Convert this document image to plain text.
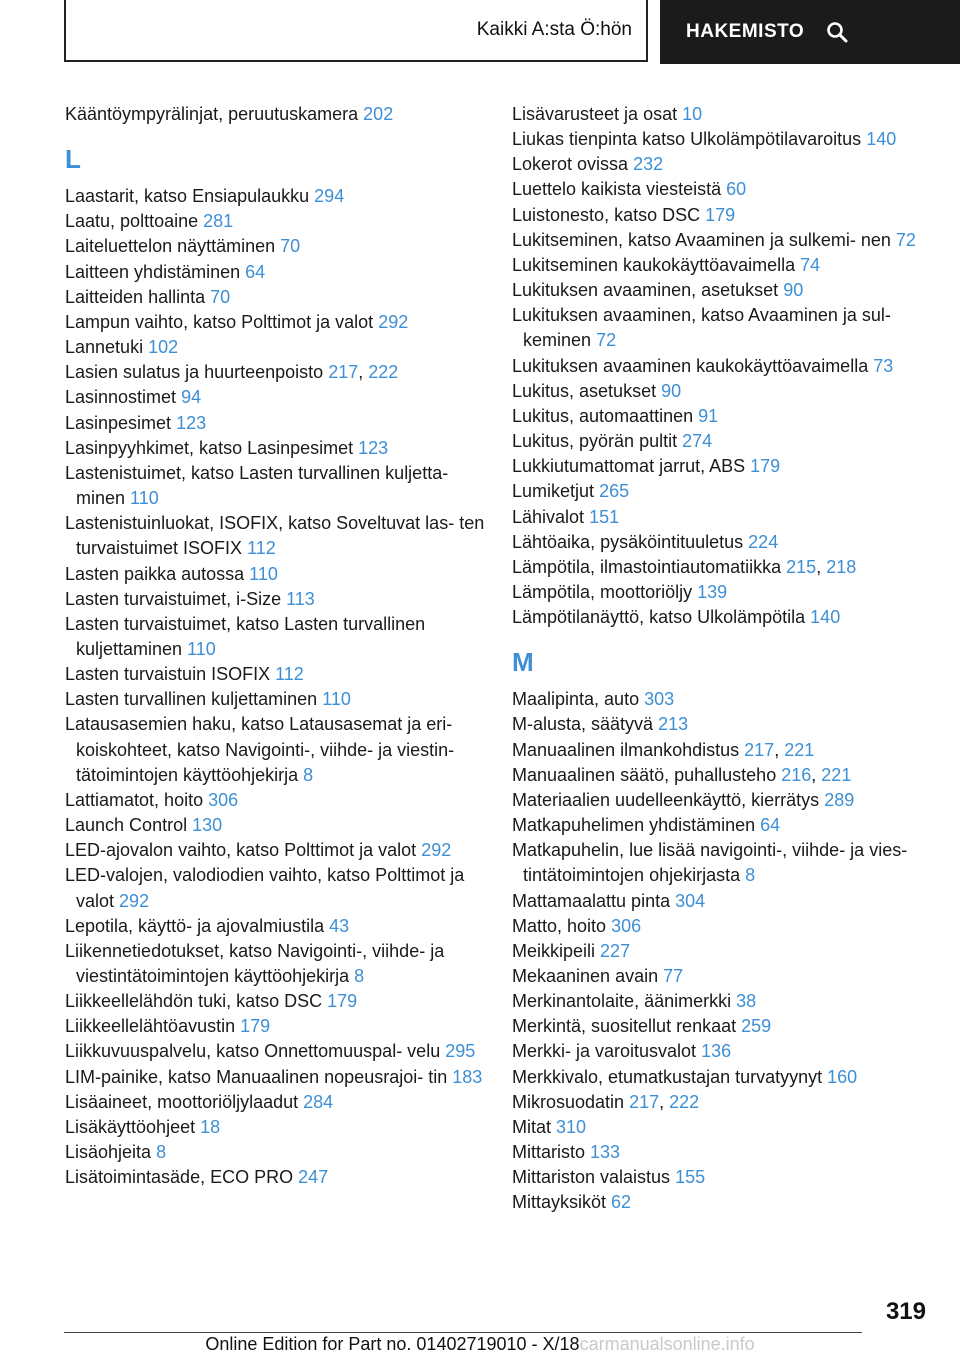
Kaikki A:sta Ö:hön	HAKEMISTO
Kääntöympyrälinjat, peruutuskamera 202
L
Laastarit, katso Ensiapulaukku 294
Laatu, polttoaine 281
Laiteluettelon näyttäminen 70
Laitteen yhdistäminen 64
Laitteiden hallinta 70
Lampun vaihto, katso Polttimot ja valot 292
Lannetuki 102
Lasien sulatus ja huurteenpoisto 217, 222
Lasinnostimet 94
Lasinpesimet 123
Lasinpyyhkimet, katso Lasinpesimet 123
Lastenistuimet, katso Lasten turvallinen kuljetta‐ minen 110
Lastenistuinluokat, ISOFIX, katso Soveltuvat las‐ ten turvaistuimet ISOFIX 112
Lasten paikka autossa 110
Lasten turvaistuimet, i-Size 113
Lasten turvaistuimet, katso Lasten turvallinen kuljettaminen 110
Lasten turvaistuin ISOFIX 112
Lasten turvallinen kuljettaminen 110
Latausasemien haku, katso Latausasemat ja eri‐ koiskohteet, katso Navigointi-, viihde- ja viestin‐ tätoimintojen käyttöohjekirja 8
Lattiamatot, hoito 306
Launch Control 130
LED-ajovalon vaihto, katso Polttimot ja valot 292
LED-valojen, valodiodien vaihto, katso Polttimot ja valot 292
Lepotila, käyttö- ja ajovalmiustila 43
Liikennetiedotukset, katso Navigointi-, viihde- ja viestintätoimintojen käyttöohjekirja 8
Liikkeellelähdön tuki, katso DSC 179
Liikkeellelähtöavustin 179
Liikkuvuuspalvelu, katso Onnettomuuspal‐ velu 295
LIM-painike, katso Manuaalinen nopeusrajoi‐ tin 183
Lisäaineet, moottoriöljylaadut 284
Lisäkäyttöohjeet 18
Lisäohjeita 8
Lisätoimintasäde, ECO PRO 247
Lisävarusteet ja osat 10
Liukas tienpinta katso Ulkolämpötilavaroitus 140
Lokerot ovissa 232
Luettelo kaikista viesteistä 60
Luistonesto, katso DSC 179
Lukitseminen, katso Avaaminen ja sulkemi‐ nen 72
Lukitseminen kaukokäyttöavaimella 74
Lukituksen avaaminen, asetukset 90
Lukituksen avaaminen, katso Avaaminen ja sul‐ keminen 72
Lukituksen avaaminen kaukokäyttöavaimella 73
Lukitus, asetukset 90
Lukitus, automaattinen 91
Lukitus, pyörän pultit 274
Lukkiutumattomat jarrut, ABS 179
Lumiketjut 265
Lähivalot 151
Lähtöaika, pysäköintituuletus 224
Lämpötila, ilmastointiautomatiikka 215, 218
Lämpötila, moottoriöljy 139
Lämpötilanäyttö, katso Ulkolämpötila 140
M
Maalipinta, auto 303
M-alusta, säätyvä 213
Manuaalinen ilmankohdistus 217, 221
Manuaalinen säätö, puhallusteho 216, 221
Materiaalien uudelleenkäyttö, kierrätys 289
Matkapuhelimen yhdistäminen 64
Matkapuhelin, lue lisää navigointi-, viihde- ja vies‐ tintätoimintojen ohjekirjasta 8
Mattamaalattu pinta 304
Matto, hoito 306
Meikkipeili 227
Mekaaninen avain 77
Merkinantolaite, äänimerkki 38
Merkintä, suositellut renkaat 259
Merkki- ja varoitusvalot 136
Merkkivalo, etumatkustajan turvatyynyt 160
Mikrosuodatin 217, 222
Mitat 310
Mittaristo 133
Mittariston valaistus 155
Mittayksiköt 62
319
Online Edition for Part no. 01402719010 - X/18carmanualsonline.info
